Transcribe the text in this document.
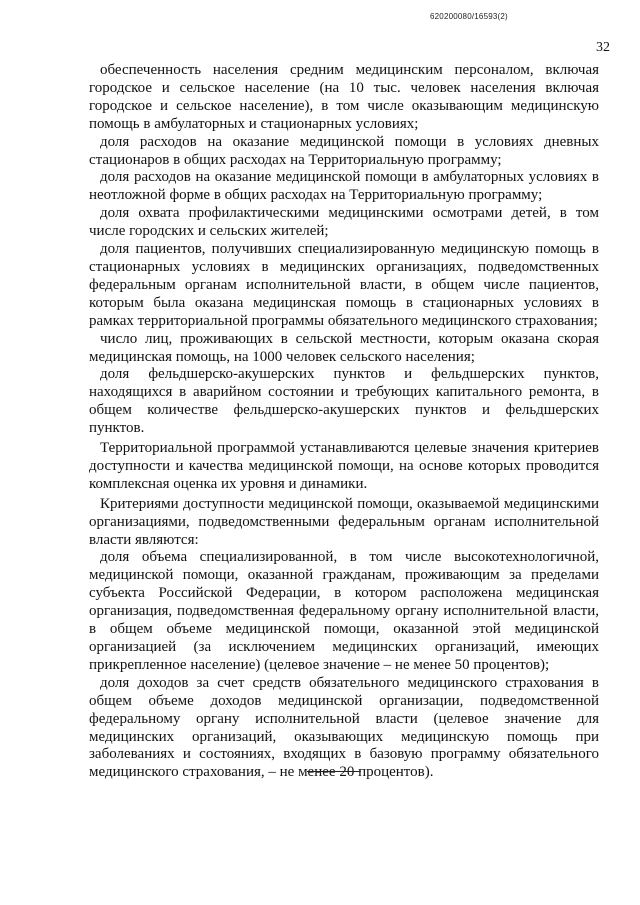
620200080/16593(2)
32

обеспеченность населения средним медицинским персоналом, включая городское и сельское население (на 10 тыс. человек населения включая городское и сельское население), в том числе оказывающим медицинскую помощь в амбулаторных и стационарных условиях;

доля расходов на оказание медицинской помощи в условиях дневных стационаров в общих расходах на Территориальную программу;

доля расходов на оказание медицинской помощи в амбулаторных условиях в неотложной форме в общих расходах на Территориальную программу;

доля охвата профилактическими медицинскими осмотрами детей, в том числе городских и сельских жителей;

доля пациентов, получивших специализированную медицинскую помощь в стационарных условиях в медицинских организациях, подведомственных федеральным органам исполнительной власти, в общем числе пациентов, которым была оказана медицинская помощь в стационарных условиях в рамках территориальной программы обязательного медицинского страхования;

число лиц, проживающих в сельской местности, которым оказана скорая медицинская помощь, на 1000 человек сельского населения;

доля фельдшерско-акушерских пунктов и фельдшерских пунктов, находящихся в аварийном состоянии и требующих капитального ремонта, в общем количестве фельдшерско-акушерских пунктов и фельдшерских пунктов.

Территориальной программой устанавливаются целевые значения критериев доступности и качества медицинской помощи, на основе которых проводится комплексная оценка их уровня и динамики.

Критериями доступности медицинской помощи, оказываемой медицинскими организациями, подведомственными федеральным органам исполнительной власти являются:

доля объема специализированной, в том числе высокотехнологичной, медицинской помощи, оказанной гражданам, проживающим за пределами субъекта Российской Федерации, в котором расположена медицинская организация, подведомственная федеральному органу исполнительной власти, в общем объеме медицинской помощи, оказанной этой медицинской организацией (за исключением медицинских организаций, имеющих прикрепленное население) (целевое значение – не менее 50 процентов);

доля доходов за счет средств обязательного медицинского страхования в общем объеме доходов медицинской организации, подведомственной федеральному органу исполнительной власти (целевое значение для медицинских организаций, оказывающих медицинскую помощь при заболеваниях и состояниях, входящих в базовую программу обязательного медицинского страхования, – не менее 20 процентов).
